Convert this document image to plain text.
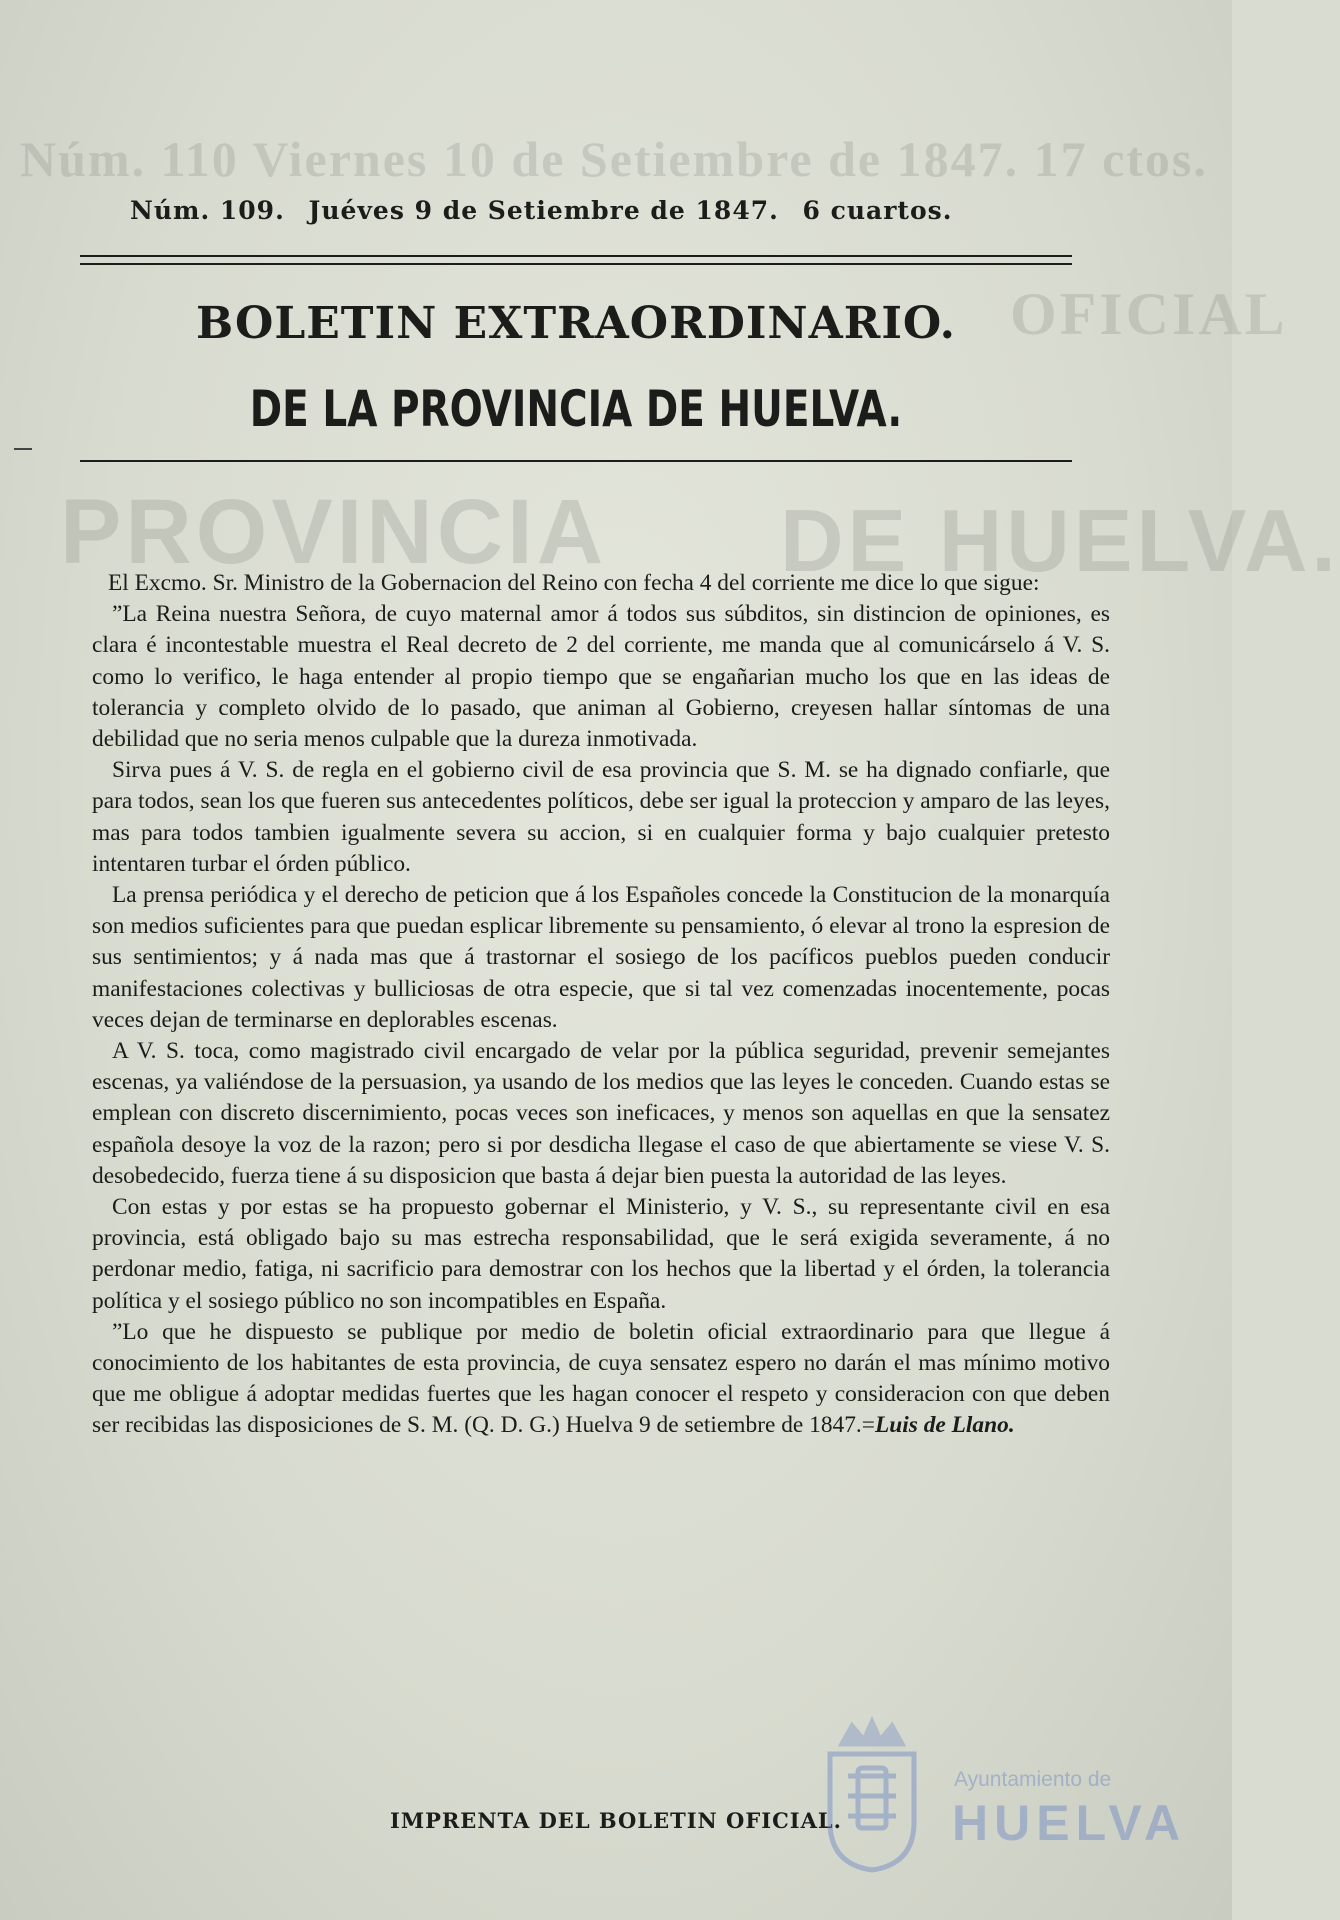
Núm. 110 Viernes 10 de Setiembre de 1847. 17 ctos.
OFICIAL
PROVINCIA DE HUELVA.
Núm. 109. Juéves 9 de Setiembre de 1847. 6 cuartos.
BOLETIN EXTRAORDINARIO.
DE LA PROVINCIA DE HUELVA.

El Excmo. Sr. Ministro de la Gobernacion del Reino con fecha 4 del corriente me dice lo que sigue:

”La Reina nuestra Señora, de cuyo maternal amor á todos sus súbditos, sin distincion de opiniones, es clara é incontestable muestra el Real decreto de 2 del corriente, me manda que al comunicárselo á V. S. como lo verifico, le haga entender al propio tiempo que se engañarian mucho los que en las ideas de tolerancia y completo olvido de lo pasado, que animan al Gobierno, creyesen hallar síntomas de una debilidad que no seria menos culpable que la dureza inmotivada.

Sirva pues á V. S. de regla en el gobierno civil de esa provincia que S. M. se ha dignado confiarle, que para todos, sean los que fueren sus antecedentes políticos, debe ser igual la proteccion y amparo de las leyes, mas para todos tambien igualmente severa su accion, si en cualquier forma y bajo cualquier pretesto intentaren turbar el órden público.

La prensa periódica y el derecho de peticion que á los Españoles concede la Constitucion de la monarquía son medios suficientes para que puedan esplicar libremente su pensamiento, ó elevar al trono la espresion de sus sentimientos; y á nada mas que á trastornar el sosiego de los pacíficos pueblos pueden conducir manifestaciones colectivas y bulliciosas de otra especie, que si tal vez comenzadas inocentemente, pocas veces dejan de terminarse en deplorables escenas.

A V. S. toca, como magistrado civil encargado de velar por la pública seguridad, prevenir semejantes escenas, ya valiéndose de la persuasion, ya usando de los medios que las leyes le conceden. Cuando estas se emplean con discreto discernimiento, pocas veces son ineficaces, y menos son aquellas en que la sensatez española desoye la voz de la razon; pero si por desdicha llegase el caso de que abiertamente se viese V. S. desobedecido, fuerza tiene á su disposicion que basta á dejar bien puesta la autoridad de las leyes.

Con estas y por estas se ha propuesto gobernar el Ministerio, y V. S., su representante civil en esa provincia, está obligado bajo su mas estrecha responsabilidad, que le será exigida severamente, á no perdonar medio, fatiga, ni sacrificio para demostrar con los hechos que la libertad y el órden, la tolerancia política y el sosiego público no son incompatibles en España.

”Lo que he dispuesto se publique por medio de boletin oficial extraordinario para que llegue á conocimiento de los habitantes de esta provincia, de cuya sensatez espero no darán el mas mínimo motivo que me obligue á adoptar medidas fuertes que les hagan conocer el respeto y consideracion con que deben ser recibidas las disposiciones de S. M. (Q. D. G.) Huelva 9 de setiembre de 1847.=Luis de Llano.

IMPRENTA DEL BOLETIN OFICIAL.
Ayuntamiento de
HUELVA
